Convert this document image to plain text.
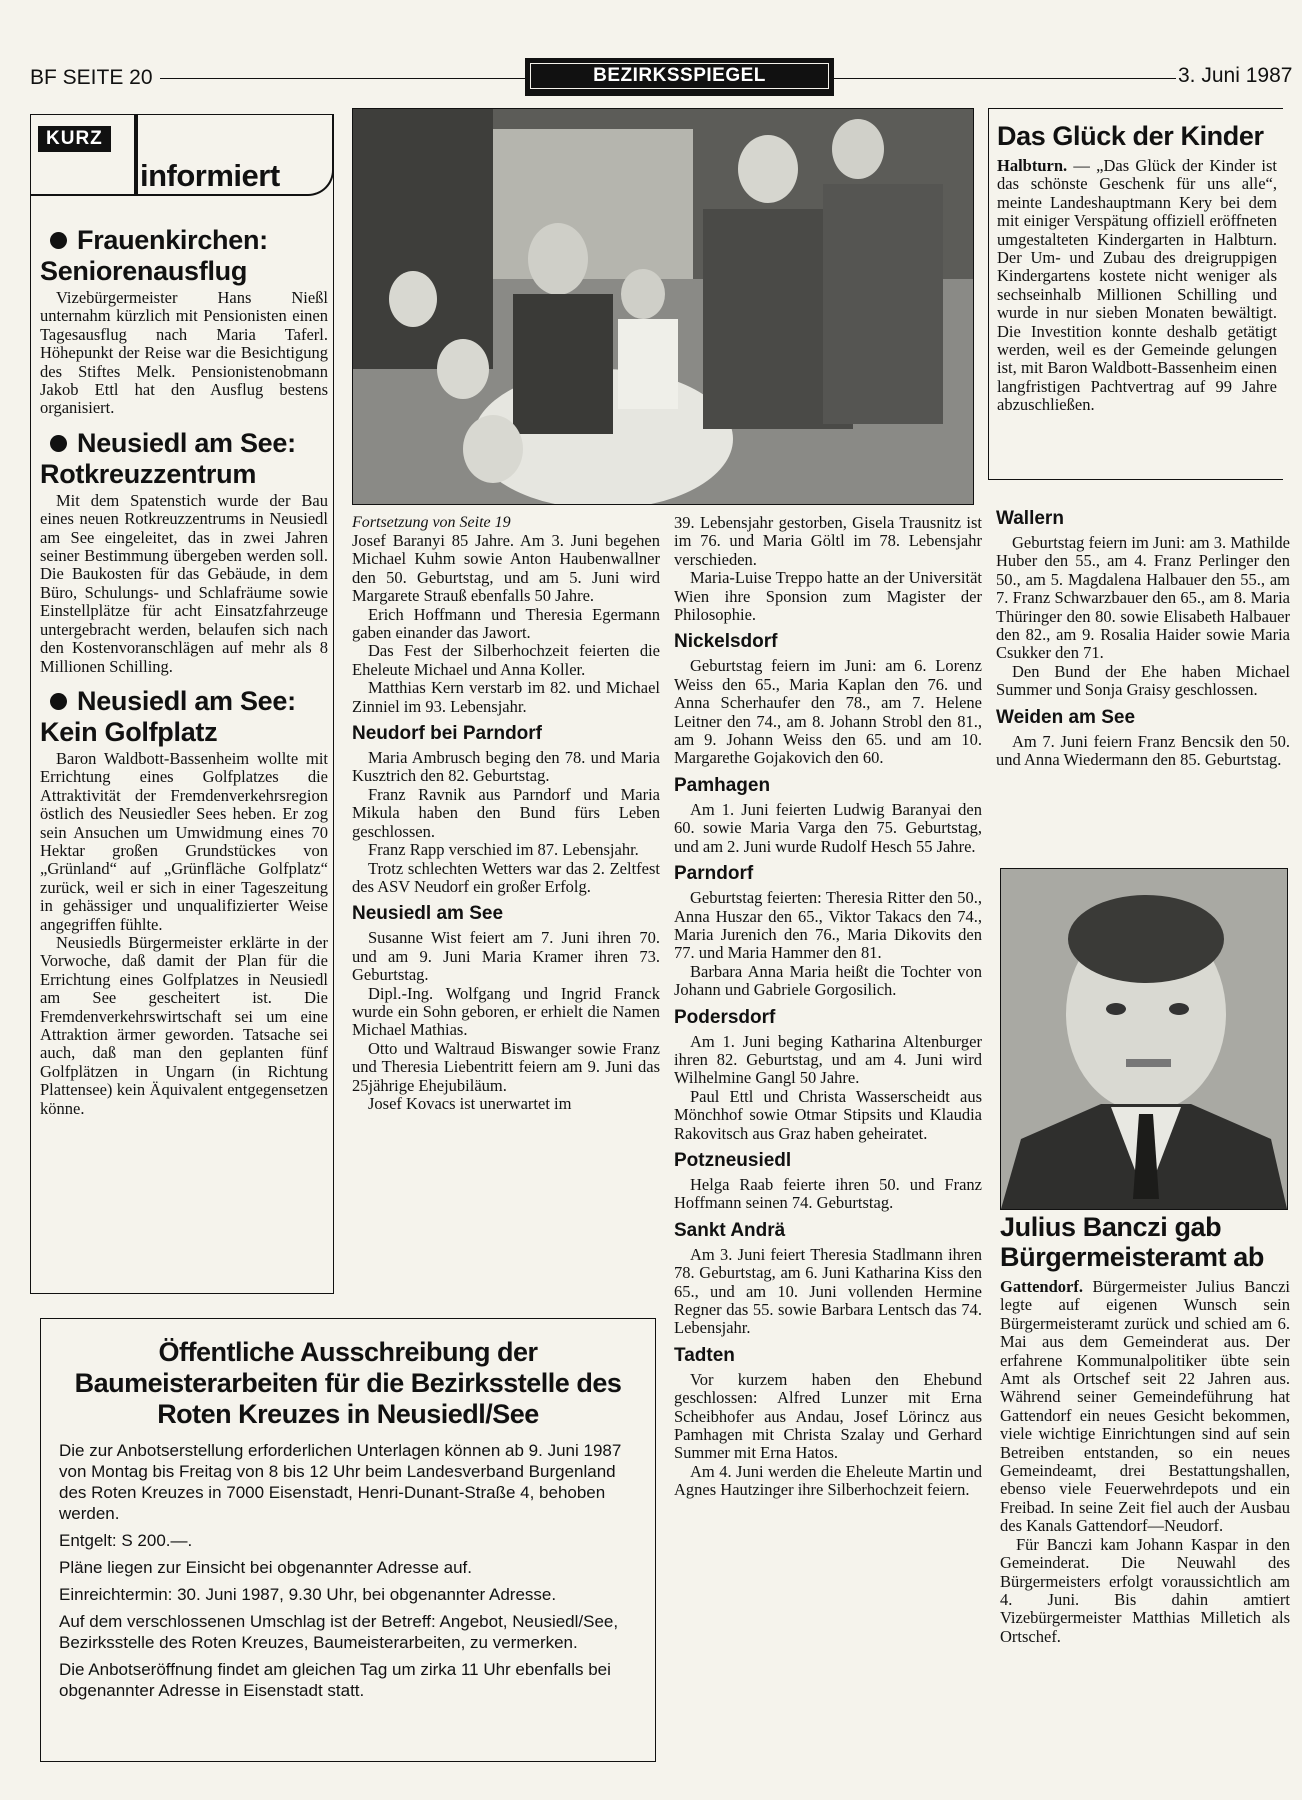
BF SEITE 20	BEZIRKSSPIEGEL	3. Juni 1987
KURZ
informiert

Frauenkirchen: Seniorenausflug

Vizebürgermeister Hans Nießl unternahm kürzlich mit Pensionisten einen Tagesausflug nach Maria Taferl. Höhepunkt der Reise war die Besichtigung des Stiftes Melk. Pensionistenobmann Jakob Ettl hat den Ausflug bestens organisiert.

Neusiedl am See: Rotkreuzzentrum

Mit dem Spatenstich wurde der Bau eines neuen Rotkreuzzentrums in Neusiedl am See eingeleitet, das in zwei Jahren seiner Bestimmung übergeben werden soll. Die Baukosten für das Gebäude, in dem Büro, Schulungs- und Schlafräume sowie Einstellplätze für acht Einsatzfahrzeuge untergebracht werden, belaufen sich nach den Kostenvoranschlägen auf mehr als 8 Millionen Schilling.

Neusiedl am See: Kein Golfplatz

Baron Waldbott-Bassenheim wollte mit Errichtung eines Golfplatzes die Attraktivität der Fremdenverkehrsregion östlich des Neusiedler Sees heben. Er zog sein Ansuchen um Umwidmung eines 70 Hektar großen Grundstückes von „Grünland“ auf „Grünfläche Golfplatz“ zurück, weil er sich in einer Tageszeitung in gehässiger und unqualifizierter Weise angegriffen fühlte.

Neusiedls Bürgermeister erklärte in der Vorwoche, daß damit der Plan für die Errichtung eines Golfplatzes in Neusiedl am See gescheitert ist. Die Fremdenverkehrswirtschaft sei um eine Attraktion ärmer geworden. Tatsache sei auch, daß man den geplanten fünf Golfplätzen in Ungarn (in Richtung Plattensee) kein Äquivalent entgegensetzen könne.

Das Glück der Kinder

Halbturn. — „Das Glück der Kinder ist das schönste Geschenk für uns alle“, meinte Landeshauptmann Kery bei dem mit einiger Verspätung offiziell eröffneten umgestalteten Kindergarten in Halbturn. Der Um- und Zubau des dreigruppigen Kindergartens kostete nicht weniger als sechseinhalb Millionen Schilling und wurde in nur sieben Monaten bewältigt. Die Investition konnte deshalb getätigt werden, weil es der Gemeinde gelungen ist, mit Baron Waldbott-Bassenheim einen langfristigen Pachtvertrag auf 99 Jahre abzuschließen.

Fortsetzung von Seite 19

Josef Baranyi 85 Jahre. Am 3. Juni begehen Michael Kuhm sowie Anton Haubenwallner den 50. Geburtstag, und am 5. Juni wird Margarete Strauß ebenfalls 50 Jahre.

Erich Hoffmann und Theresia Egermann gaben einander das Jawort.

Das Fest der Silberhochzeit feierten die Eheleute Michael und Anna Koller.

Matthias Kern verstarb im 82. und Michael Zinniel im 93. Lebensjahr.

Neudorf bei Parndorf

Maria Ambrusch beging den 78. und Maria Kusztrich den 82. Geburtstag.

Franz Ravnik aus Parndorf und Maria Mikula haben den Bund fürs Leben geschlossen.

Franz Rapp verschied im 87. Lebensjahr.

Trotz schlechten Wetters war das 2. Zeltfest des ASV Neudorf ein großer Erfolg.

Neusiedl am See

Susanne Wist feiert am 7. Juni ihren 70. und am 9. Juni Maria Kramer ihren 73. Geburtstag.

Dipl.-Ing. Wolfgang und Ingrid Franck wurde ein Sohn geboren, er erhielt die Namen Michael Mathias.

Otto und Waltraud Biswanger sowie Franz und Theresia Liebentritt feiern am 9. Juni das 25jährige Ehejubiläum.

Josef Kovacs ist unerwartet im

39. Lebensjahr gestorben, Gisela Trausnitz ist im 76. und Maria Göltl im 78. Lebensjahr verschieden.

Maria-Luise Treppo hatte an der Universität Wien ihre Sponsion zum Magister der Philosophie.

Nickelsdorf

Geburtstag feiern im Juni: am 6. Lorenz Weiss den 65., Maria Kaplan den 76. und Anna Scherhaufer den 78., am 7. Helene Leitner den 74., am 8. Johann Strobl den 81., am 9. Johann Weiss den 65. und am 10. Margarethe Gojakovich den 60.

Pamhagen

Am 1. Juni feierten Ludwig Baranyai den 60. sowie Maria Varga den 75. Geburtstag, und am 2. Juni wurde Rudolf Hesch 55 Jahre.

Parndorf

Geburtstag feierten: Theresia Ritter den 50., Anna Huszar den 65., Viktor Takacs den 74., Maria Jurenich den 76., Maria Dikovits den 77. und Maria Hammer den 81.

Barbara Anna Maria heißt die Tochter von Johann und Gabriele Gorgosilich.

Podersdorf

Am 1. Juni beging Katharina Altenburger ihren 82. Geburtstag, und am 4. Juni wird Wilhelmine Gangl 50 Jahre.

Paul Ettl und Christa Wasserscheidt aus Mönchhof sowie Otmar Stipsits und Klaudia Rakovitsch aus Graz haben geheiratet.

Potzneusiedl

Helga Raab feierte ihren 50. und Franz Hoffmann seinen 74. Geburtstag.

Sankt Andrä

Am 3. Juni feiert Theresia Stadlmann ihren 78. Geburtstag, am 6. Juni Katharina Kiss den 65., und am 10. Juni vollenden Hermine Regner das 55. sowie Barbara Lentsch das 74. Lebensjahr.

Tadten

Vor kurzem haben den Ehebund geschlossen: Alfred Lunzer mit Erna Scheibhofer aus Andau, Josef Lörincz aus Pamhagen mit Christa Szalay und Gerhard Summer mit Erna Hatos.

Am 4. Juni werden die Eheleute Martin und Agnes Hautzinger ihre Silberhochzeit feiern.

Wallern

Geburtstag feiern im Juni: am 3. Mathilde Huber den 55., am 4. Franz Perlinger den 50., am 5. Magdalena Halbauer den 55., am 7. Franz Schwarzbauer den 65., am 8. Maria Thüringer den 80. sowie Elisabeth Halbauer den 82., am 9. Rosalia Haider sowie Maria Csukker den 71.

Den Bund der Ehe haben Michael Summer und Sonja Graisy geschlossen.

Weiden am See

Am 7. Juni feiern Franz Bencsik den 50. und Anna Wiedermann den 85. Geburtstag.

Julius Banczi gab Bürgermeisteramt ab

Gattendorf. Bürgermeister Julius Banczi legte auf eigenen Wunsch sein Bürgermeisteramt zurück und schied am 6. Mai aus dem Gemeinderat aus. Der erfahrene Kommunalpolitiker übte sein Amt als Ortschef seit 22 Jahren aus. Während seiner Gemeindeführung hat Gattendorf ein neues Gesicht bekommen, viele wichtige Einrichtungen sind auf sein Betreiben entstanden, so ein neues Gemeindeamt, drei Bestattungshallen, ebenso viele Feuerwehrdepots und ein Freibad. In seine Zeit fiel auch der Ausbau des Kanals Gattendorf—Neudorf.

Für Banczi kam Johann Kaspar in den Gemeinderat. Die Neuwahl des Bürgermeisters erfolgt voraussichtlich am 4. Juni. Bis dahin amtiert Vizebürgermeister Matthias Milletich als Ortschef.

Öffentliche Ausschreibung der Baumeisterarbeiten für die Bezirksstelle des Roten Kreuzes in Neusiedl/See

Die zur Anbotserstellung erforderlichen Unterlagen können ab 9. Juni 1987 von Montag bis Freitag von 8 bis 12 Uhr beim Landesverband Burgenland des Roten Kreuzes in 7000 Eisenstadt, Henri-Dunant-Straße 4, behoben werden.

Entgelt: S 200.—.

Pläne liegen zur Einsicht bei obgenannter Adresse auf.

Einreichtermin: 30. Juni 1987, 9.30 Uhr, bei obgenannter Adresse.

Auf dem verschlossenen Umschlag ist der Betreff: Angebot, Neusiedl/See, Bezirksstelle des Roten Kreuzes, Baumeisterarbeiten, zu vermerken.

Die Anbotseröffnung findet am gleichen Tag um zirka 11 Uhr ebenfalls bei obgenannter Adresse in Eisenstadt statt.
